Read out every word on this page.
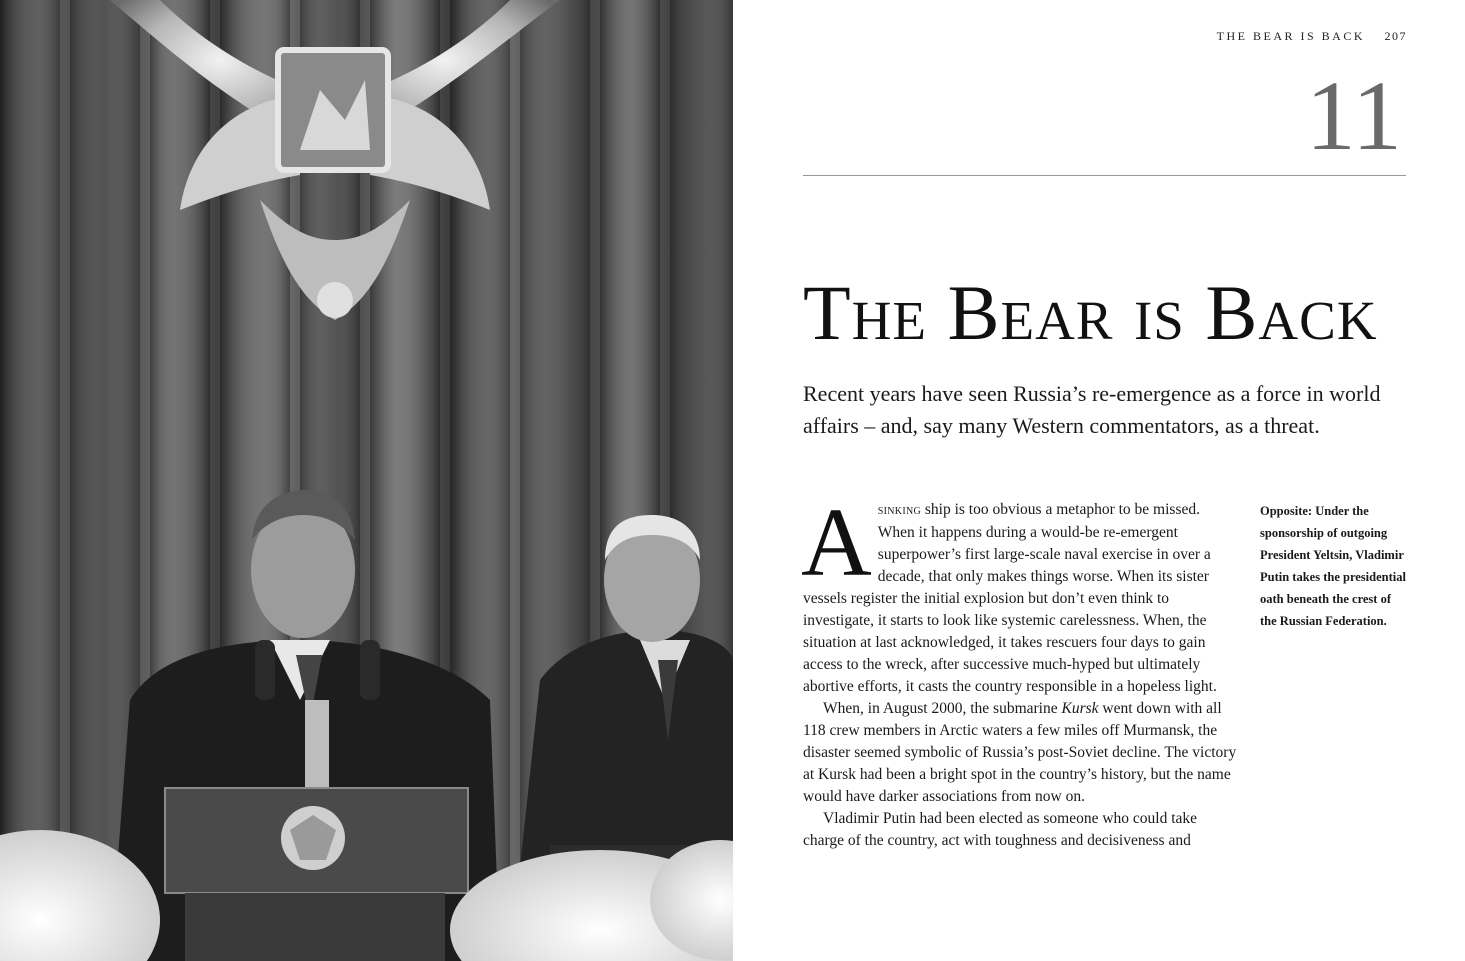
THE BEAR IS BACK 207
11
The Bear is Back

Recent years have seen Russia’s re-emergence as a force in world affairs – and, say many Western commentators, as a threat.

Asinking ship is too obvious a metaphor to be missed. When it happens during a would-be re-emergent superpower’s first large-scale naval exercise in over a decade, that only makes things worse. When its sister vessels register the initial explosion but don’t even think to investigate, it starts to look like systemic carelessness. When, the situation at last acknowledged, it takes rescuers four days to gain access to the wreck, after successive much-hyped but ultimately abortive efforts, it casts the country responsible in a hopeless light.

When, in August 2000, the submarine Kursk went down with all 118 crew members in Arctic waters a few miles off Murmansk, the disaster seemed symbolic of Russia’s post-Soviet decline. The victory at Kursk had been a bright spot in the country’s history, but the name would have darker associations from now on.

Vladimir Putin had been elected as someone who could take charge of the country, act with toughness and decisiveness and

Opposite: Under the sponsorship of outgoing President Yeltsin, Vladimir Putin takes the presidential oath beneath the crest of the Russian Federation.
